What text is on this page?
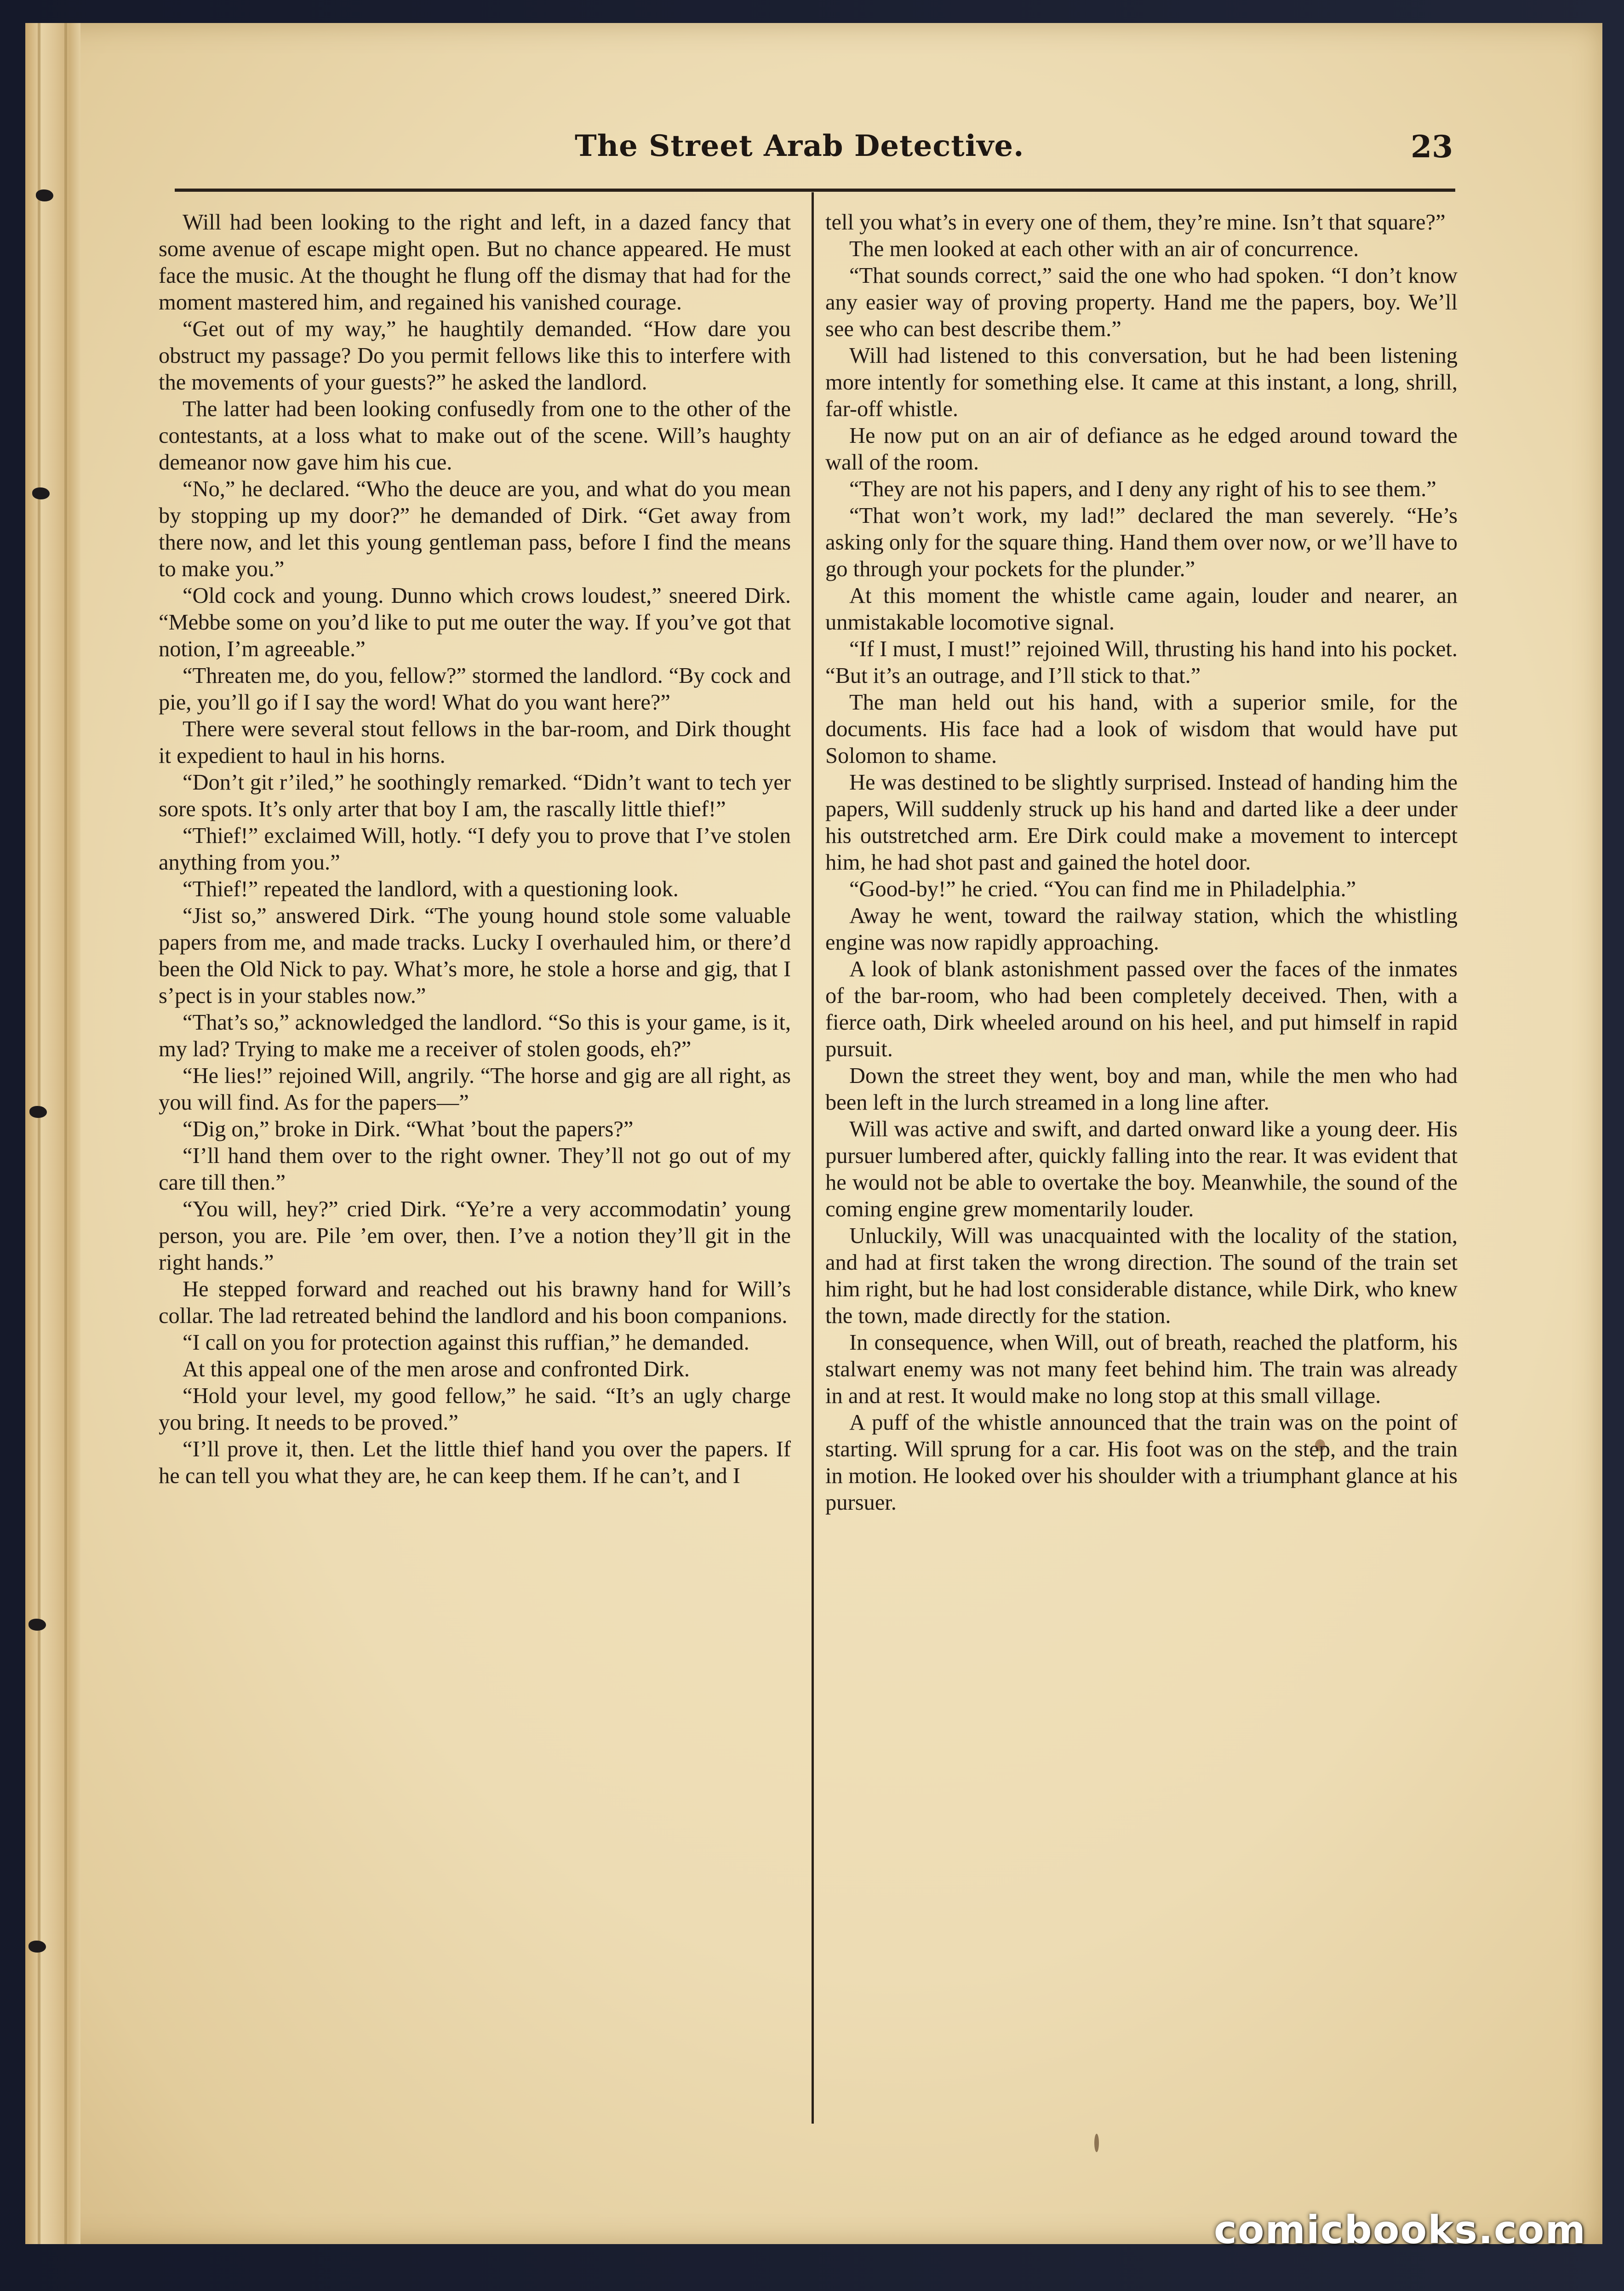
The Street Arab Detective.	23

Will had been looking to the right and left, in a dazed fancy that some avenue of escape might open. But no chance appeared. He must face the music. At the thought he flung off the dismay that had for the moment mastered him, and regained his vanished courage.

“Get out of my way,” he haughtily demanded. “How dare you obstruct my passage? Do you permit fellows like this to interfere with the movements of your guests?” he asked the landlord.

The latter had been looking confusedly from one to the other of the contestants, at a loss what to make out of the scene. Will’s haughty demeanor now gave him his cue.

“No,” he declared. “Who the deuce are you, and what do you mean by stopping up my door?” he demanded of Dirk. “Get away from there now, and let this young gentleman pass, before I find the means to make you.”

“Old cock and young. Dunno which crows loudest,” sneered Dirk. “Mebbe some on you’d like to put me outer the way. If you’ve got that notion, I’m agreeable.”

“Threaten me, do you, fellow?” stormed the landlord. “By cock and pie, you’ll go if I say the word! What do you want here?”

There were several stout fellows in the bar-room, and Dirk thought it expedient to haul in his horns.

“Don’t git r’iled,” he soothingly remarked. “Didn’t want to tech yer sore spots. It’s only arter that boy I am, the rascally little thief!”

“Thief!” exclaimed Will, hotly. “I defy you to prove that I’ve stolen anything from you.”

“Thief!” repeated the landlord, with a questioning look.

“Jist so,” answered Dirk. “The young hound stole some valuable papers from me, and made tracks. Lucky I overhauled him, or there’d been the Old Nick to pay. What’s more, he stole a horse and gig, that I s’pect is in your stables now.”

“That’s so,” acknowledged the landlord. “So this is your game, is it, my lad? Trying to make me a receiver of stolen goods, eh?”

“He lies!” rejoined Will, angrily. “The horse and gig are all right, as you will find. As for the papers—”

“Dig on,” broke in Dirk. “What ’bout the papers?”

“I’ll hand them over to the right owner. They’ll not go out of my care till then.”

“You will, hey?” cried Dirk. “Ye’re a very accommodatin’ young person, you are. Pile ’em over, then. I’ve a notion they’ll git in the right hands.”

He stepped forward and reached out his brawny hand for Will’s collar. The lad retreated behind the landlord and his boon companions.

“I call on you for protection against this ruffian,” he demanded.

At this appeal one of the men arose and confronted Dirk.

“Hold your level, my good fellow,” he said. “It’s an ugly charge you bring. It needs to be proved.”

“I’ll prove it, then. Let the little thief hand you over the papers. If he can tell you what they are, he can keep them. If he can’t, and I

tell you what’s in every one of them, they’re mine. Isn’t that square?”

The men looked at each other with an air of concurrence.

“That sounds correct,” said the one who had spoken. “I don’t know any easier way of proving property. Hand me the papers, boy. We’ll see who can best describe them.”

Will had listened to this conversation, but he had been listening more intently for something else. It came at this instant, a long, shrill, far-off whistle.

He now put on an air of defiance as he edged around toward the wall of the room.

“They are not his papers, and I deny any right of his to see them.”

“That won’t work, my lad!” declared the man severely. “He’s asking only for the square thing. Hand them over now, or we’ll have to go through your pockets for the plunder.”

At this moment the whistle came again, louder and nearer, an unmistakable locomotive signal.

“If I must, I must!” rejoined Will, thrusting his hand into his pocket. “But it’s an outrage, and I’ll stick to that.”

The man held out his hand, with a superior smile, for the documents. His face had a look of wisdom that would have put Solomon to shame.

He was destined to be slightly surprised. Instead of handing him the papers, Will suddenly struck up his hand and darted like a deer under his outstretched arm. Ere Dirk could make a movement to intercept him, he had shot past and gained the hotel door.

“Good-by!” he cried. “You can find me in Philadelphia.”

Away he went, toward the railway station, which the whistling engine was now rapidly approaching.

A look of blank astonishment passed over the faces of the inmates of the bar-room, who had been completely deceived. Then, with a fierce oath, Dirk wheeled around on his heel, and put himself in rapid pursuit.

Down the street they went, boy and man, while the men who had been left in the lurch streamed in a long line after.

Will was active and swift, and darted onward like a young deer. His pursuer lumbered after, quickly falling into the rear. It was evident that he would not be able to overtake the boy. Meanwhile, the sound of the coming engine grew momentarily louder.

Unluckily, Will was unacquainted with the locality of the station, and had at first taken the wrong direction. The sound of the train set him right, but he had lost considerable distance, while Dirk, who knew the town, made directly for the station.

In consequence, when Will, out of breath, reached the platform, his stalwart enemy was not many feet behind him. The train was already in and at rest. It would make no long stop at this small village.

A puff of the whistle announced that the train was on the point of starting. Will sprung for a car. His foot was on the step, and the train in motion. He looked over his shoulder with a triumphant glance at his pursuer.

comicbooks.com
